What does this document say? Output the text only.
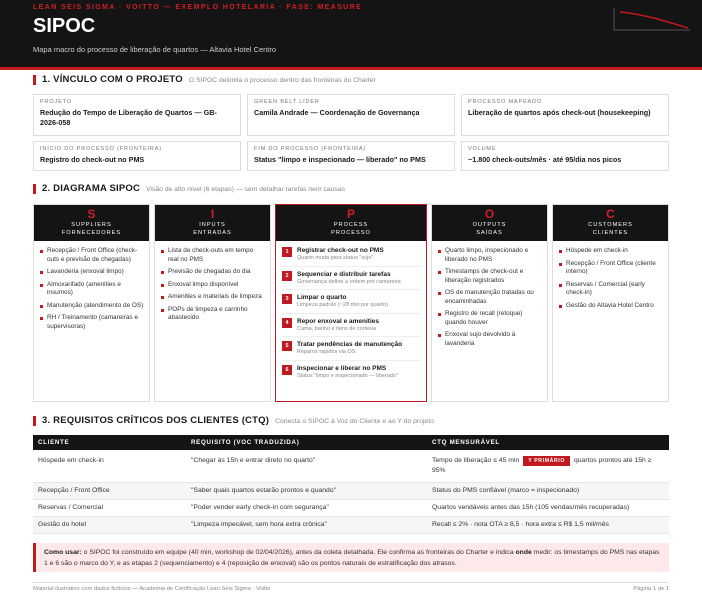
LEAN SEIS SIGMA · VOITTO — EXEMPLO HOTELARIA · FASE: MEASURE
SIPOC
Mapa macro do processo de liberação de quartos — Altavia Hotel Centro
1. VÍNCULO COM O PROJETO O SIPOC delimita o processo dentro das fronteiras do Charter
PROJETO
Redução do Tempo de Liberação de Quartos — GB-2026-058
GREEN BELT LÍDER
Camila Andrade — Coordenação de Governança
PROCESSO MAPEADO
Liberação de quartos após check-out (housekeeping)
INÍCIO DO PROCESSO (FRONTEIRA)
Registro do check-out no PMS
FIM DO PROCESSO (FRONTEIRA)
Status "limpo e inspecionado — liberado" no PMS
VOLUME
~1.800 check-outs/mês · até 95/dia nos picos
2. DIAGRAMA SIPOC Visão de alto nível (6 etapas) — sem detalhar tarefas nem causas
S
SUPPLIERS
FORNECEDORES
Recepção / Front Office (check-outs e previsão de chegadas)
Lavanderia (enxoval limpo)
Almoxarifado (amenities e insumos)
Manutenção (atendimento de OS)
RH / Treinamento (camareiras e supervisoras)
I
INPUTS
ENTRADAS
Lista de check-outs em tempo real no PMS
Previsão de chegadas do dia
Enxoval limpo disponível
Amenities e materiais de limpeza
POPs de limpeza e carrinho abastecido
P
PROCESS
PROCESSO
1	Registrar check-out no PMS
Quarto muda para status "sujo"
2	Sequenciar e distribuir tarefas
Governança define a ordem por camareira
3	Limpar o quarto
Limpeza padrão (~28 min por quarto)
4	Repor enxoval e amenities
Cama, banho e itens de cortesia
5	Tratar pendências de manutenção
Reparos rápidos via OS
6	Inspecionar e liberar no PMS
Status "limpo e inspecionado — liberado"
O
OUTPUTS
SAÍDAS
Quarto limpo, inspecionado e liberado no PMS
Timestamps de check-out e liberação registrados
OS de manutenção tratadas ou encaminhadas
Registro de recall (retoque) quando houver
Enxoval sujo devolvido à lavanderia
C
CUSTOMERS
CLIENTES
Hóspede em check-in
Recepção / Front Office (cliente interno)
Reservas / Comercial (early check-in)
Gestão do Altavia Hotel Centro
3. REQUISITOS CRÍTICOS DOS CLIENTES (CTQ) Conecta o SIPOC à Voz do Cliente e ao Y do projeto
CLIENTE	REQUISITO (VOC TRADUZIDA)	CTQ MENSURÁVEL
Hóspede em check-in	"Chegar às 15h e entrar direto no quarto"	Tempo de liberação ≤ 45 min Y PRIMÁRIO quartos prontos até 15h ≥ 95%
Recepção / Front Office	"Saber quais quartos estarão prontos e quando"	Status do PMS confiável (marco = inspecionado)
Reservas / Comercial	"Poder vender early check-in com segurança"	Quartos vendáveis antes das 15h (105 vendas/mês recuperadas)
Gestão do hotel	"Limpeza impecável, sem hora extra crônica"	Recall ≤ 2% · nota OTA ≥ 8,5 · hora extra ≤ R$ 1,5 mil/mês
Como usar: o SIPOC foi construído em equipe (40 min, workshop de 02/04/2026), antes da coleta detalhada. Ele confirma as fronteiras do Charter e indica onde medir: os timestamps do PMS nas etapas 1 e 6 são o marco do Y, e as etapas 2 (sequenciamento) e 4 (reposição de enxoval) são os pontos naturais de estratificação dos atrasos.
Material ilustrativo com dados fictícios — Academia de Certificação Lean Seis Sigma · Voitto	Página 1 de 1
